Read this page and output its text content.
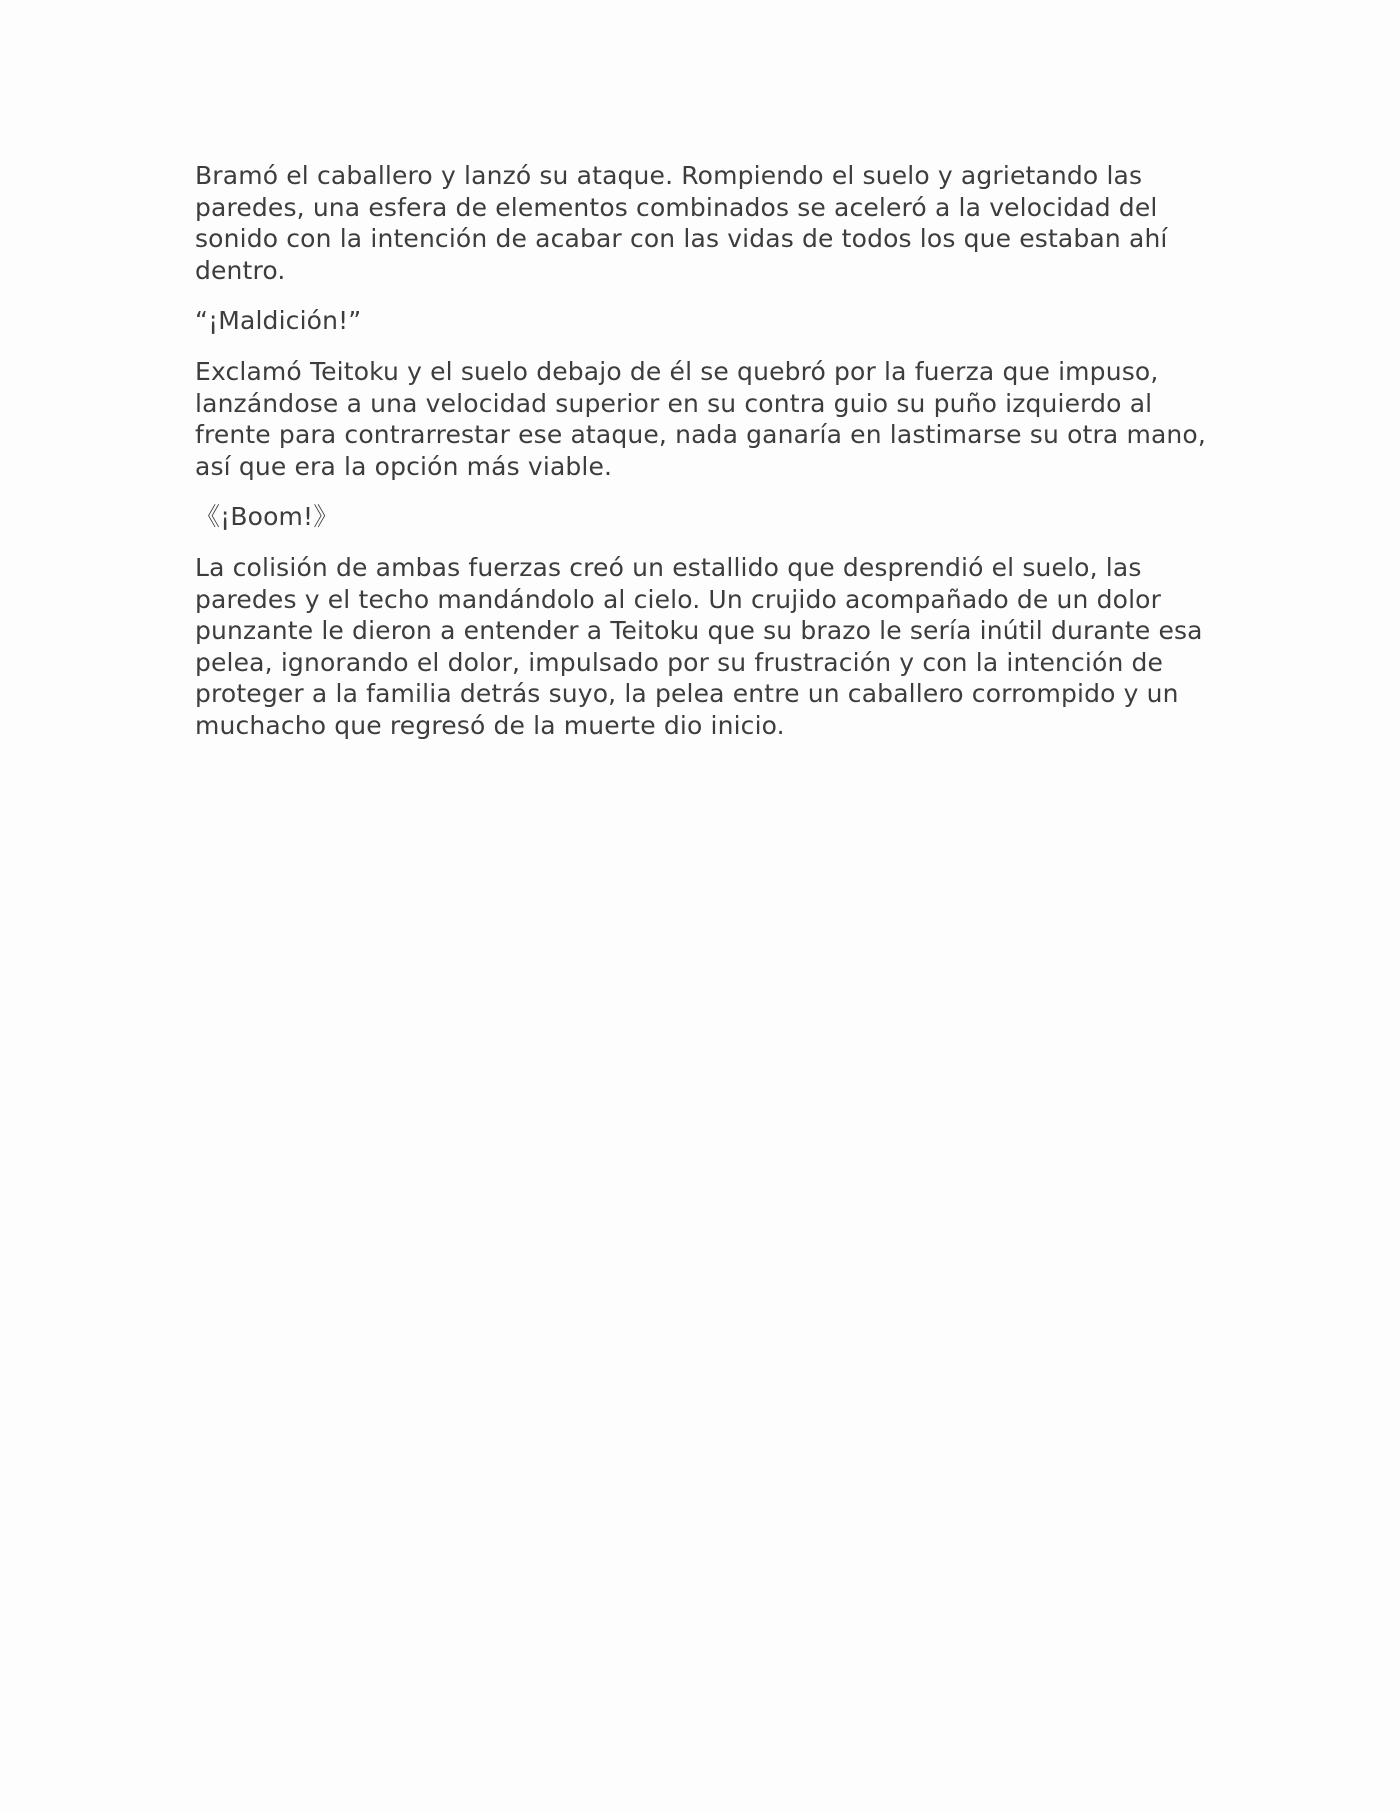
Bramó el caballero y lanzó su ataque. Rompiendo el suelo y agrietando las paredes, una esfera de elementos combinados se aceleró a la velocidad del sonido con la intención de acabar con las vidas de todos los que estaban ahí dentro.

“¡Maldición!”

Exclamó Teitoku y el suelo debajo de él se quebró por la fuerza que impuso, lanzándose a una velocidad superior en su contra guio su puño izquierdo al frente para contrarrestar ese ataque, nada ganaría en lastimarse su otra mano, así que era la opción más viable.

《¡Boom!》

La colisión de ambas fuerzas creó un estallido que desprendió el suelo, las paredes y el techo mandándolo al cielo. Un crujido acompañado de un dolor punzante le dieron a entender a Teitoku que su brazo le sería inútil durante esa pelea, ignorando el dolor, impulsado por su frustración y con la intención de proteger a la familia detrás suyo, la pelea entre un caballero corrompido y un muchacho que regresó de la muerte dio inicio.
